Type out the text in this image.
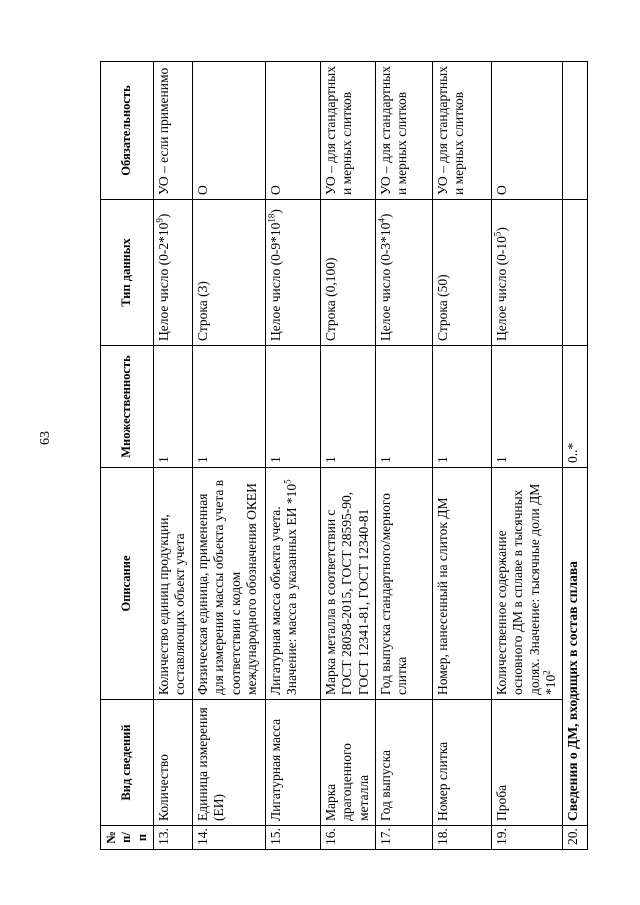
63
№
п/п	Вид сведений	Описание	Множественность	Тип данных	Обязательность
13.	Количество	Количество единиц продукции, составляющих объект учета	1	Целое число $(0-2*10^9)$	УО – если применимо
14.	Единица измерения (ЕИ)	Физическая единица, примененная для измерения массы объекта учета в соответствии с кодом международного обозначения ОКЕИ	1	Строка (3)	О
15.	Лигатурная масса	Лигатурная масса объекта учета. Значение: масса в указанных ЕИ $*10^5$	1	Целое число $(0-9*10^{18})$	О
16.	Марка драгоценного металла	Марка металла в соответствии с ГОСТ 28058-2015, ГОСТ 28595-90, ГОСТ 12341-81, ГОСТ 12340-81	1	Строка (0,100)	УО – для стандартных и мерных слитков
17.	Год выпуска	Год выпуска стандартного/мерного слитка	1	Целое число $(0-3*10^4)$	УО – для стандартных и мерных слитков
18.	Номер слитка	Номер, нанесенный на слиток ДМ	1	Строка (50)	УО – для стандартных и мерных слитков
19.	Проба	Количественное содержание основного ДМ в сплаве в тысячных долях. Значение: тысячные доли ДМ $*10^2$	1	Целое число $(0-10^5)$	О
20.	Сведения о ДМ, входящих в состав сплава		0..*		
